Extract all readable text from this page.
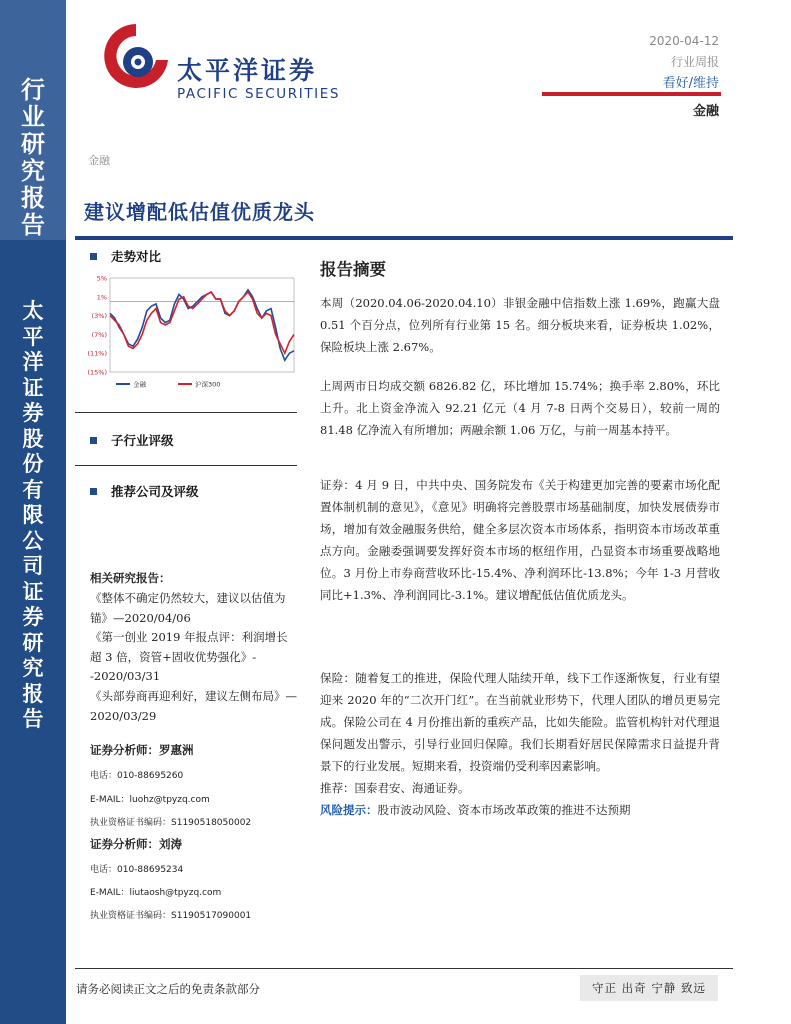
行
业
研
究
报
告
太
平
洋
证
券
股
份
有
限
公
司
证
券
研
究
报
告
太平洋证券
PACIFIC SECURITIES
2020-04-12
行业周报
看好/维持
金融
金融
建议增配低估值优质龙头
走势对比
5%
1%
(3%)
(7%)
(11%)
(15%)
金融	沪深300
子行业评级
推荐公司及评级
相关研究报告：

《整体不确定仍然较大，建议以估值为锚》—2020/04/06

《第一创业 2019 年报点评：利润增长超 3 倍，资管+固收优势强化》--2020/03/31

《头部券商再迎利好，建议左侧布局》—2020/03/29

证券分析师：罗惠洲
电话：010-88695260
E-MAIL：luohz@tpyzq.com
执业资格证书编码：S1190518050002
证券分析师：刘涛
电话：010-88695234
E-MAIL：liutaosh@tpyzq.com
执业资格证书编码：S1190517090001
报告摘要
本周（2020.04.06-2020.04.10）非银金融中信指数上涨 1.69%，跑赢大盘 0.51 个百分点，位列所有行业第 15 名。细分板块来看，证券板块 1.02%，保险板块上涨 2.67%。
上周两市日均成交额 6826.82 亿，环比增加 15.74%；换手率 2.80%，环比上升。北上资金净流入 92.21 亿元（4 月 7-8 日两个交易日），较前一周的 81.48 亿净流入有所增加；两融余额 1.06 万亿，与前一周基本持平。
证券：4 月 9 日，中共中央、国务院发布《关于构建更加完善的要素市场化配置体制机制的意见》，《意见》明确将完善股票市场基础制度，加快发展债券市场，增加有效金融服务供给，健全多层次资本市场体系，指明资本市场改革重点方向。金融委强调要发挥好资本市场的枢纽作用，凸显资本市场重要战略地位。3 月份上市券商营收环比-15.4%、净利润环比-13.8%；今年 1-3 月营收同比+1.3%、净利润同比-3.1%。建议增配低估值优质龙头。
保险：随着复工的推进，保险代理人陆续开单，线下工作逐渐恢复，行业有望迎来 2020 年的“二次开门红”。在当前就业形势下，代理人团队的增员更易完成。保险公司在 4 月份推出新的重疾产品，比如失能险。监管机构针对代理退保问题发出警示，引导行业回归保障。我们长期看好居民保障需求日益提升背景下的行业发展。短期来看，投资端仍受利率因素影响。
推荐：国泰君安、海通证券。
风险提示：股市波动风险、资本市场改革政策的推进不达预期
请务必阅读正文之后的免责条款部分	守正 出奇 宁静 致远
